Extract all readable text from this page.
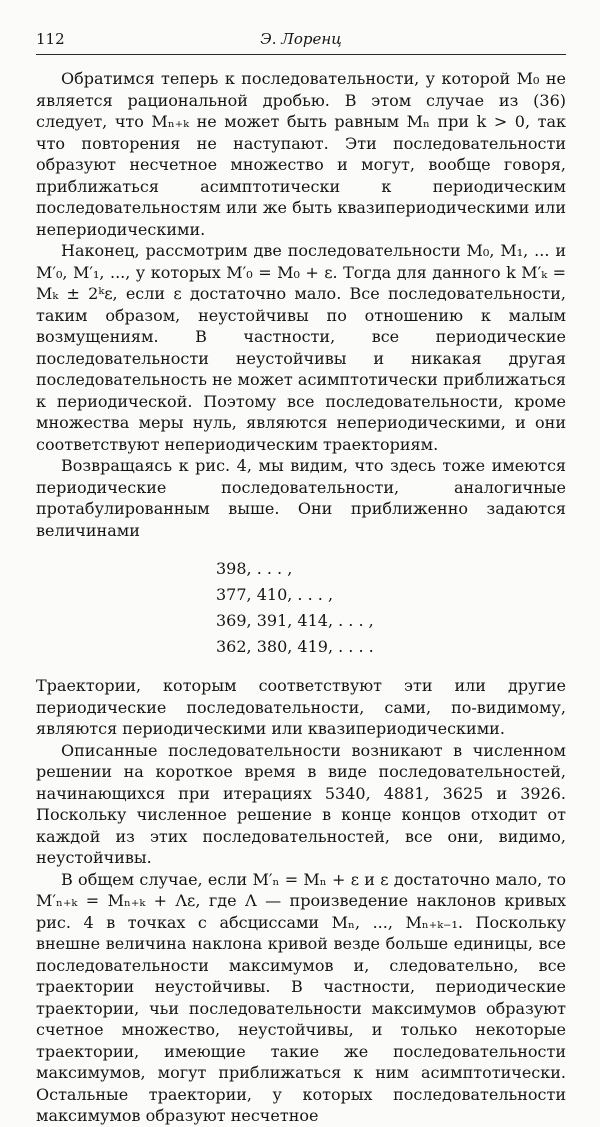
112	Э. Лоренц

Обратимся теперь к последовательности, у которой M₀ не является рациональной дробью. В этом случае из (36) следует, что Mₙ₊ₖ не может быть равным Mₙ при k > 0, так что повторения не наступают. Эти последовательности образуют несчетное множество и могут, вообще говоря, приближаться асимптотически к периодическим последовательностям или же быть квазипериодическими или непериодическими.

Наконец, рассмотрим две последовательности M₀, M₁, ... и M′₀, M′₁, ..., у которых M′₀ = M₀ + ε. Тогда для данного k M′ₖ = Mₖ ± 2ᵏε, если ε достаточно мало. Все последовательности, таким образом, неустойчивы по отношению к малым возмущениям. В частности, все периодические последовательности неустойчивы и никакая другая последовательность не может асимптотически приближаться к периодической. Поэтому все последовательности, кроме множества меры нуль, являются непериодическими, и они соответствуют непериодическим траекториям.

Возвращаясь к рис. 4, мы видим, что здесь тоже имеются периодические последовательности, аналогичные протабулированным выше. Они приближенно задаются величинами

398, . . . ,
377, 410, . . . ,
369, 391, 414, . . . ,
362, 380, 419, . . . .

Траектории, которым соответствуют эти или другие периодические последовательности, сами, по-видимому, являются периодическими или квазипериодическими.

Описанные последовательности возникают в численном решении на короткое время в виде последовательностей, начинающихся при итерациях 5340, 4881, 3625 и 3926. Поскольку численное решение в конце концов отходит от каждой из этих последовательностей, все они, видимо, неустойчивы.

В общем случае, если M′ₙ = Mₙ + ε и ε достаточно мало, то M′ₙ₊ₖ = Mₙ₊ₖ + Λε, где Λ — произведение наклонов кривых рис. 4 в точках с абсциссами Mₙ, ..., Mₙ₊ₖ₋₁. Поскольку внешне величина наклона кривой везде больше единицы, все последовательности максимумов и, следовательно, все траектории неустойчивы. В частности, периодические траектории, чьи последовательности максимумов образуют счетное множество, неустойчивы, и только некоторые траектории, имеющие такие же последовательности максимумов, могут приближаться к ним асимптотически. Остальные траектории, у которых последовательности максимумов образуют несчетное
